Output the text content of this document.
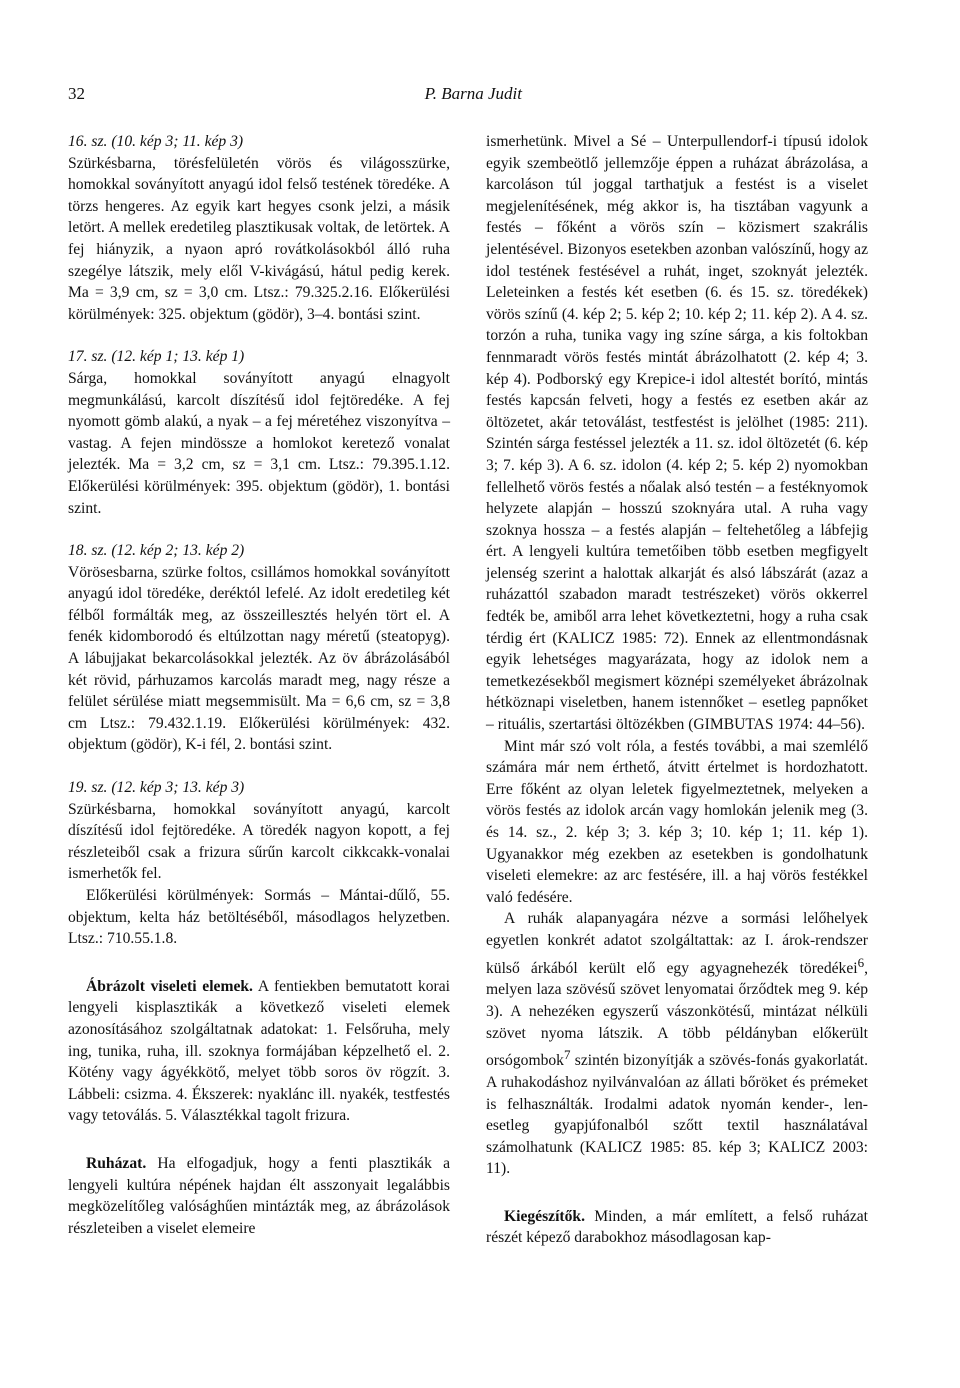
32	P. Barna Judit

16. sz. (10. kép 3; 11. kép 3)

Szürkésbarna, törésfelületén vörös és világosszürke, homokkal soványított anyagú idol felső testének töredéke. A törzs hengeres. Az egyik kart hegyes csonk jelzi, a másik letört. A mellek eredetileg plasztikusak voltak, de letörtek. A fej hiányzik, a nyaon apró rovátkolásokból álló ruha szegélye látszik, mely elől V-kivágású, hátul pedig kerek. Ma = 3,9 cm, sz = 3,0 cm. Ltsz.: 79.325.2.16. Előkerülési körülmények: 325. objektum (gödör), 3–4. bontási szint.

17. sz. (12. kép 1; 13. kép 1)

Sárga, homokkal soványított anyagú elnagyolt megmunkálású, karcolt díszítésű idol fejtöredéke. A fej nyomott gömb alakú, a nyak – a fej méretéhez viszonyítva – vastag. A fejen mindössze a homlokot keretező vonalat jelezték. Ma = 3,2 cm, sz = 3,1 cm. Ltsz.: 79.395.1.12. Előkerülési körülmények: 395. objektum (gödör), 1. bontási szint.

18. sz. (12. kép 2; 13. kép 2)

Vörösesbarna, szürke foltos, csillámos homokkal soványított anyagú idol töredéke, deréktól lefelé. Az idolt eredetileg két félből formálták meg, az összeillesztés helyén tört el. A fenék kidomborodó és eltúlzottan nagy méretű (steatopyg). A lábujjakat bekarcolásokkal jelezték. Az öv ábrázolásából két rövid, párhuzamos karcolás maradt meg, nagy része a felület sérülése miatt megsemmisült. Ma = 6,6 cm, sz = 3,8 cm Ltsz.: 79.432.1.19. Előkerülési körülmények: 432. objektum (gödör), K-i fél, 2. bontási szint.

19. sz. (12. kép 3; 13. kép 3)

Szürkésbarna, homokkal soványított anyagú, karcolt díszítésű idol fejtöredéke. A töredék nagyon kopott, a fej részleteiből csak a frizura sűrűn karcolt cikkcakk-vonalai ismerhetők fel.

Előkerülési körülmények: Sormás – Mántai-dűlő, 55. objektum, kelta ház betöltéséből, másodlagos helyzetben. Ltsz.: 710.55.1.8.

Ábrázolt viseleti elemek. A fentiekben bemutatott korai lengyeli kisplasztikák a következő viseleti elemek azonosításához szolgáltatnak adatokat: 1. Felsőruha, mely ing, tunika, ruha, ill. szoknya formájában képzelhető el. 2. Kötény vagy ágyékkötő, melyet több soros öv rögzít. 3. Lábbeli: csizma. 4. Ékszerek: nyaklánc ill. nyakék, testfestés vagy tetoválás. 5. Választékkal tagolt frizura.

Ruházat. Ha elfogadjuk, hogy a fenti plasztikák a lengyeli kultúra népének hajdan élt asszonyait legalábbis megközelítőleg valósághűen mintázták meg, az ábrázolások részleteiben a viselet elemeire

ismerhetünk. Mivel a Sé – Unterpullendorf-i típusú idolok egyik szembeötlő jellemzője éppen a ruházat ábrázolása, a karcoláson túl joggal tarthatjuk a festést is a viselet megjelenítésének, még akkor is, ha tisztában vagyunk a festés – főként a vörös szín – közismert szakrális jelentésével. Bizonyos esetekben azonban valószínű, hogy az idol testének festésével a ruhát, inget, szoknyát jelezték. Leleteinken a festés két esetben (6. és 15. sz. töredékek) vörös színű (4. kép 2; 5. kép 2; 10. kép 2; 11. kép 2). A 4. sz. torzón a ruha, tunika vagy ing színe sárga, a kis foltokban fennmaradt vörös festés mintát ábrázolhatott (2. kép 4; 3. kép 4). Podborský egy Krepice-i idol altestét borító, mintás festés kapcsán felveti, hogy a festés ez esetben akár az öltözetet, akár tetoválást, testfestést is jelölhet (1985: 211). Szintén sárga festéssel jelezték a 11. sz. idol öltözetét (6. kép 3; 7. kép 3). A 6. sz. idolon (4. kép 2; 5. kép 2) nyomokban fellelhető vörös festés a nőalak alsó testén – a festéknyomok helyzete alapján – hosszú szoknyára utal. A ruha vagy szoknya hossza – a festés alapján – feltehetőleg a lábfejig ért. A lengyeli kultúra temetőiben több esetben megfigyelt jelenség szerint a halottak alkarját és alsó lábszárát (azaz a ruházattól szabadon maradt testrészeket) vörös okkerrel fedték be, amiből arra lehet következtetni, hogy a ruha csak térdig ért (KALICZ 1985: 72). Ennek az ellentmondásnak egyik lehetséges magyarázata, hogy az idolok nem a temetkezésekből megismert köznépi személyeket ábrázolnak hétköznapi viseletben, hanem istennőket – esetleg papnőket – rituális, szertartási öltözékben (GIMBUTAS 1974: 44–56).

Mint már szó volt róla, a festés további, a mai szemlélő számára már nem érthető, átvitt értelmet is hordozhatott. Erre főként az olyan leletek figyelmeztetnek, melyeken a vörös festés az idolok arcán vagy homlokán jelenik meg (3. és 14. sz., 2. kép 3; 3. kép 3; 10. kép 1; 11. kép 1). Ugyanakkor még ezekben az esetekben is gondolhatunk viseleti elemekre: az arc festésére, ill. a haj vörös festékkel való fedésére.

A ruhák alapanyagára nézve a sormási lelőhelyek egyetlen konkrét adatot szolgáltattak: az I. árok-rendszer külső árkából került elő egy agyagnehezék töredékei$^6$, melyen laza szövésű szövet lenyomatai őrződtek meg 9. kép 3). A nehezéken egyszerű vászonkötésű, mintázat nélküli szövet nyoma látszik. A több példányban előkerült orsógombok$^7$ szintén bizonyítják a szövés-fonás gyakorlatát. A ruhakodáshoz nyilvánvalóan az állati bőröket és prémeket is felhasználták. Irodalmi adatok nyomán kender-, len- esetleg gyapjúfonalból szőtt textil használatával számolhatunk (KALICZ 1985: 85. kép 3; KALICZ 2003: 11).

Kiegészítők. Minden, a már említett, a felső ruházat részét képező darabokhoz másodlagosan kap-
